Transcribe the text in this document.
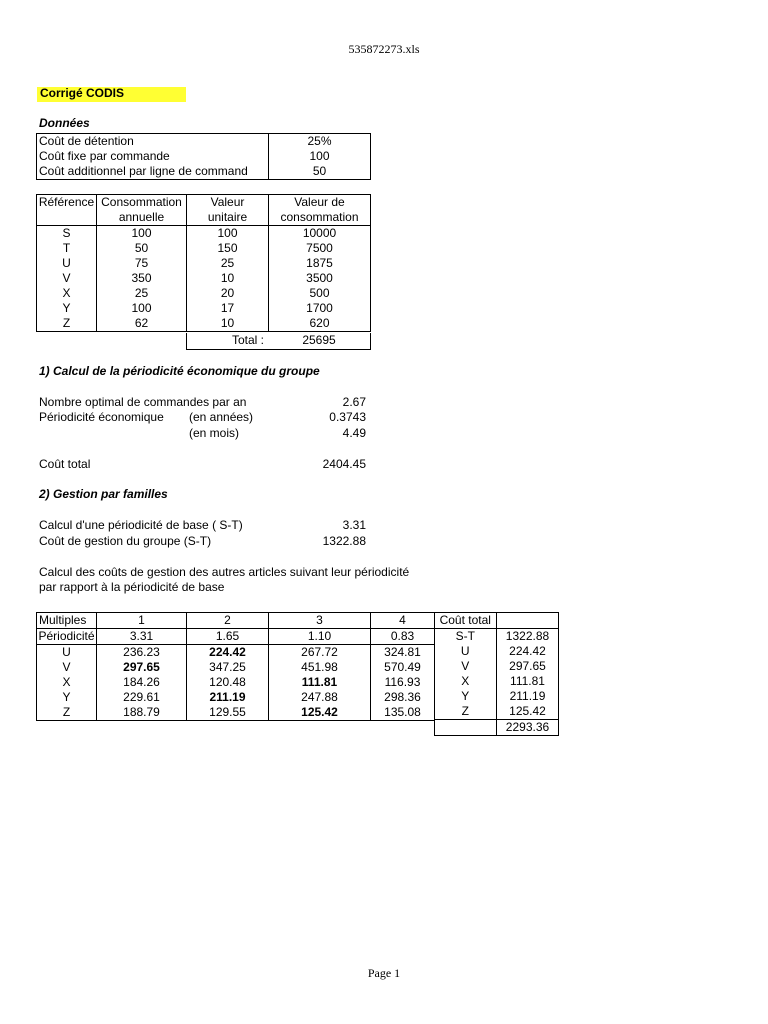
535872273.xls
Page 1
Corrigé CODIS
Données
Coût de détention	25%
Coût fixe par commande	100
Coût additionnel par ligne de command	50
Référence	Consommation	Valeur	Valeur de
	annuelle	unitaire	consommation
S	100	100	10000
T	50	150	7500
U	75	25	1875
V	350	10	3500
X	25	20	500
Y	100	17	1700
Z	62	10	620
Total :	25695
1) Calcul de la périodicité économique du groupe
Nombre optimal de commandes par an	2.67
Périodicité économique (en années)	0.3743
(en mois)	4.49
Coût total	2404.45
2) Gestion par familles
Calcul d'une périodicité de base ( S-T)	3.31
Coût de gestion du groupe (S-T)	1322.88
Calcul des coûts de gestion des autres articles suivant leur périodicité
par rapport à la périodicité de base
Multiples	1	2	3	4
Périodicité	3.31	1.65	1.10	0.83
U	236.23	224.42	267.72	324.81
V	297.65	347.25	451.98	570.49
X	184.26	120.48	111.81	116.93
Y	229.61	211.19	247.88	298.36
Z	188.79	129.55	125.42	135.08
Coût total	
S-T	1322.88
U	224.42
V	297.65
X	111.81
Y	211.19
Z	125.42
	2293.36
